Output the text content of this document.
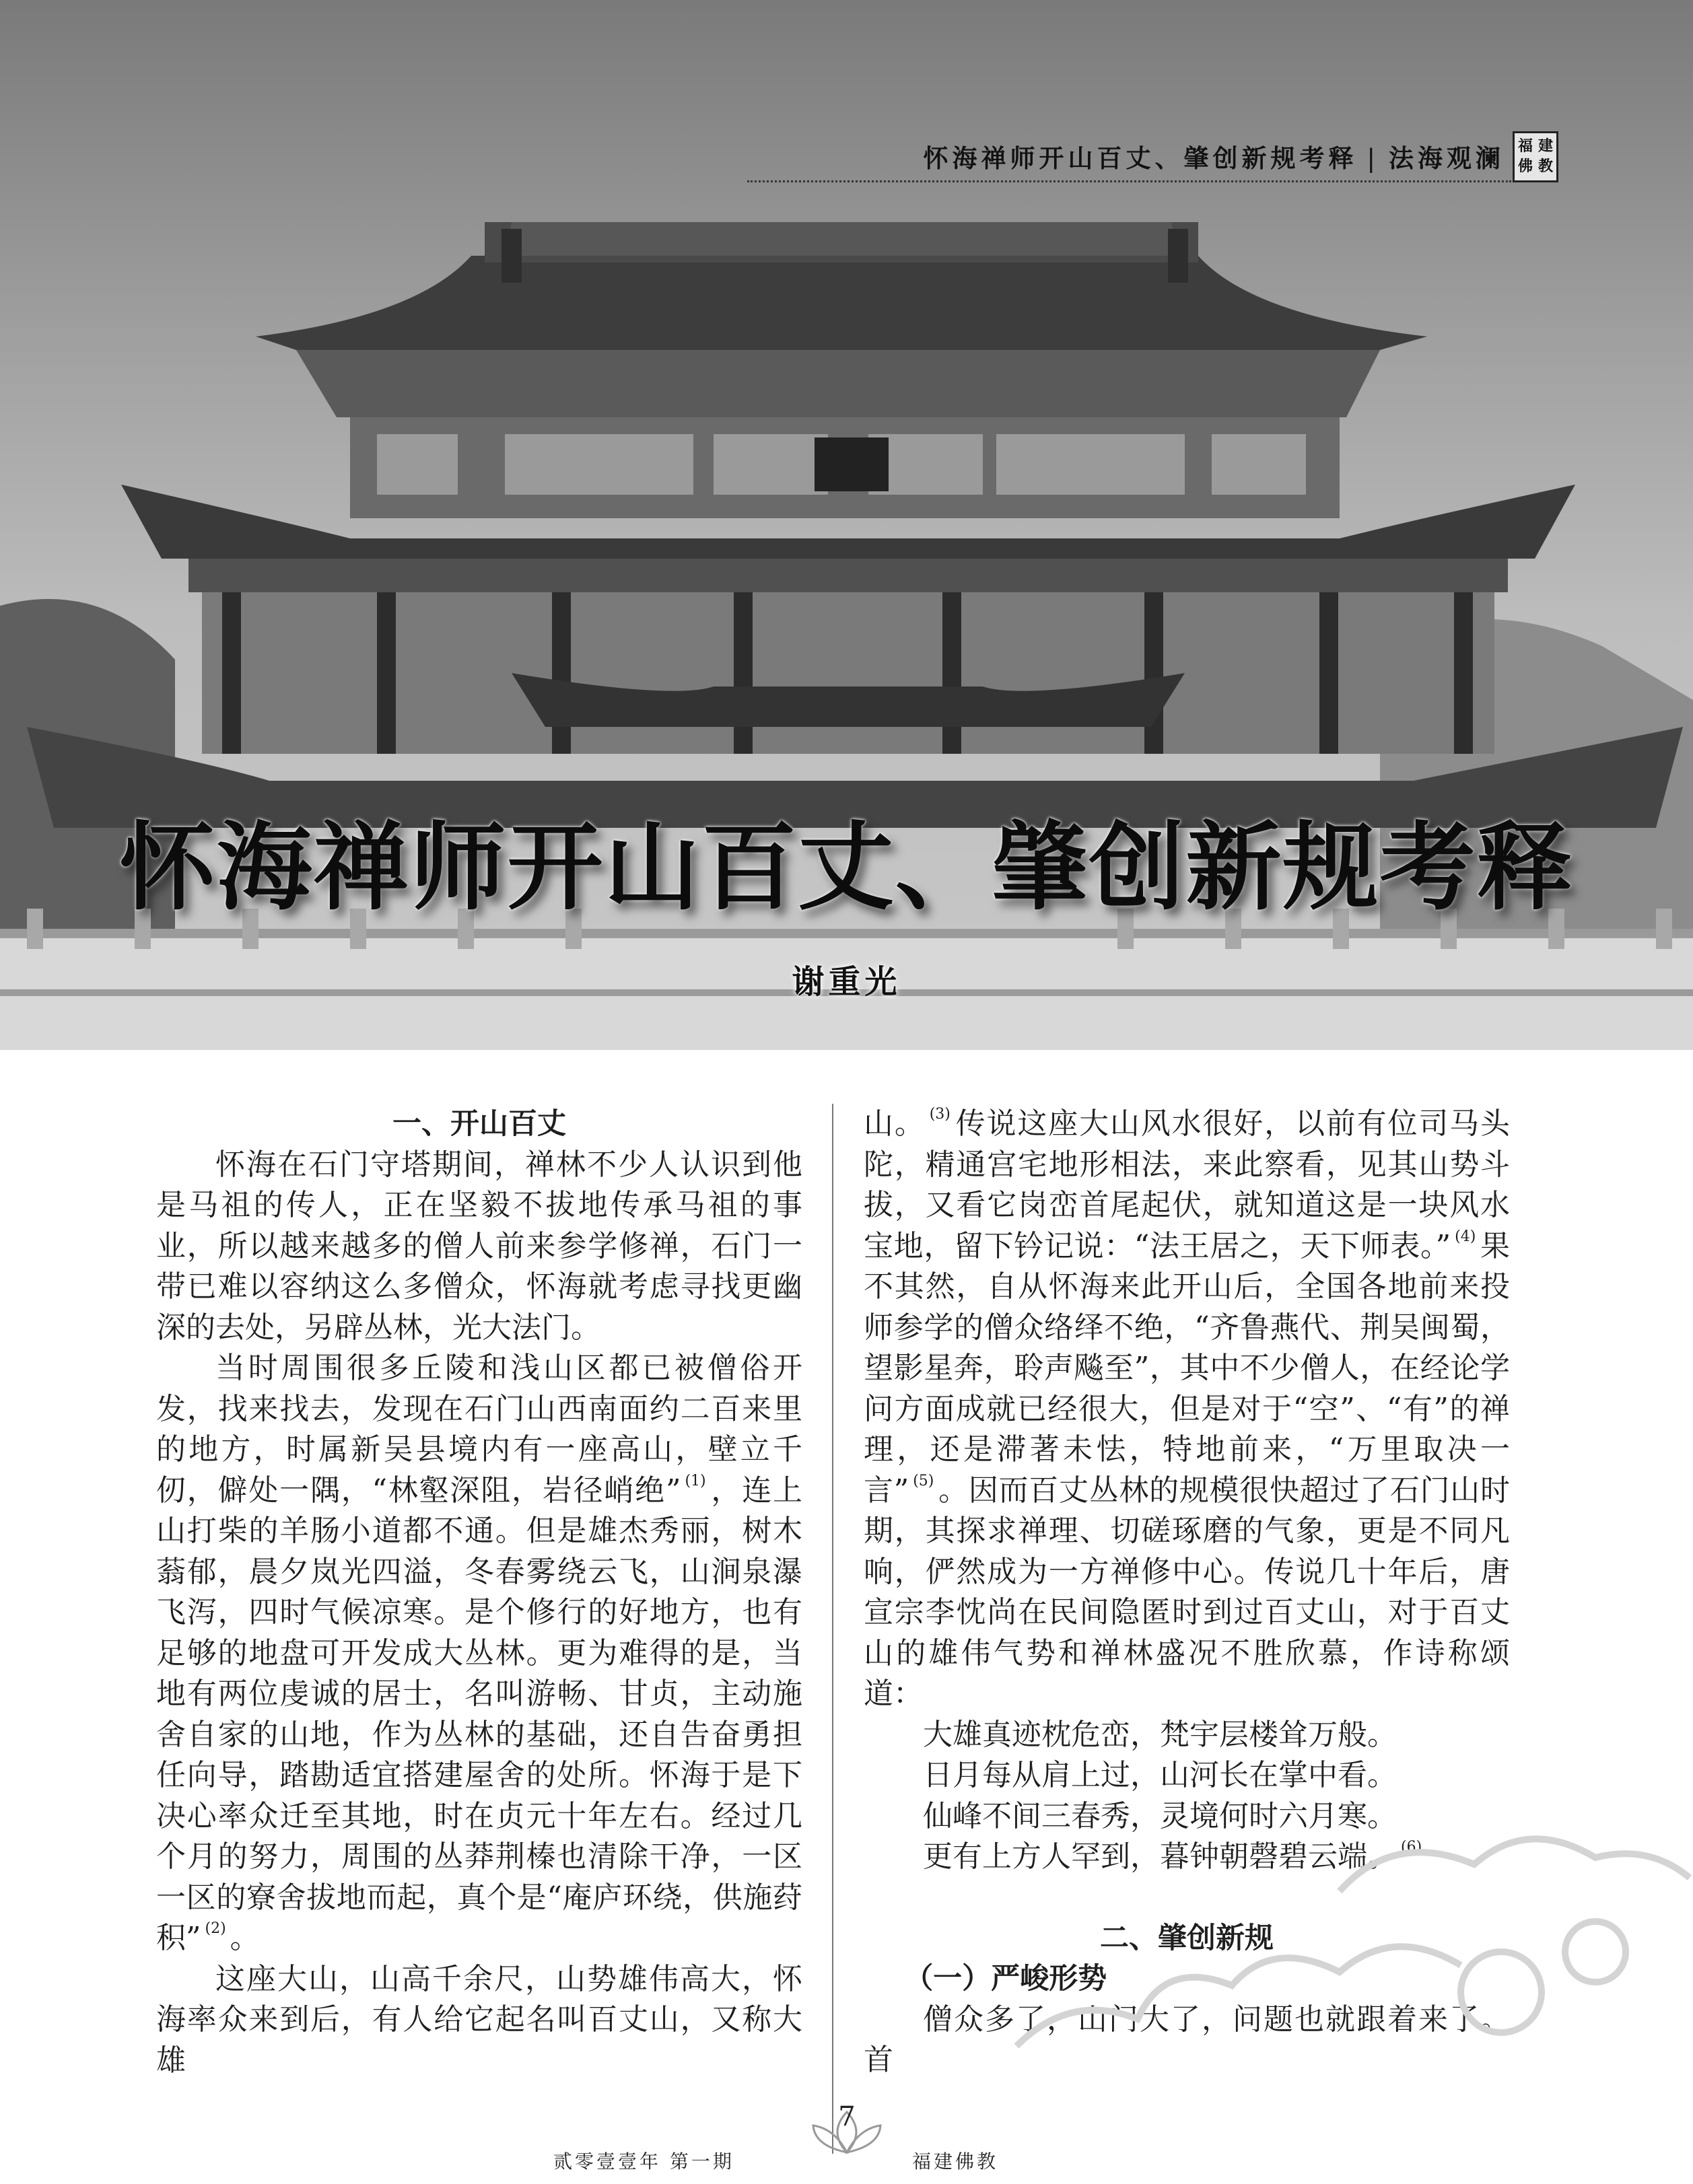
怀海禅师开山百丈、肇创新规考释 | 法海观澜 福 建
佛 教
怀海禅师开山百丈、肇创新规考释
谢重光

一、开山百丈

怀海在石门守塔期间，禅林不少人认识到他是马祖的传人，正在坚毅不拔地传承马祖的事业，所以越来越多的僧人前来参学修禅，石门一带已难以容纳这么多僧众，怀海就考虑寻找更幽深的去处，另辟丛林，光大法门。

当时周围很多丘陵和浅山区都已被僧俗开发，找来找去，发现在石门山西南面约二百来里的地方，时属新吴县境内有一座高山，壁立千仞，僻处一隅，“林壑深阻，岩径峭绝” $^{(1)}$ ，连上山打柴的羊肠小道都不通。但是雄杰秀丽，树木蓊郁，晨夕岚光四溢，冬春雾绕云飞，山涧泉瀑飞泻，四时气候凉寒。是个修行的好地方，也有足够的地盘可开发成大丛林。更为难得的是，当地有两位虔诚的居士，名叫游畅、甘贞，主动施舍自家的山地，作为丛林的基础，还自告奋勇担任向导，踏勘适宜搭建屋舍的处所。怀海于是下决心率众迁至其地，时在贞元十年左右。经过几个月的努力，周围的丛莽荆榛也清除干净，一区一区的寮舍拔地而起，真个是“庵庐环绕，供施荮积” $^{(2)}$ 。

这座大山，山高千余尺，山势雄伟高大，怀海率众来到后，有人给它起名叫百丈山，又称大雄

山。 $^{(3)}$ 传说这座大山风水很好，以前有位司马头陀，精通宫宅地形相法，来此察看，见其山势斗拔，又看它岗峦首尾起伏，就知道这是一块风水宝地，留下钤记说：“法王居之，天下师表。” $^{(4)}$ 果不其然，自从怀海来此开山后，全国各地前来投师参学的僧众络绎不绝，“齐鲁燕代、荆吴闽蜀，望影星奔，聆声飚至”，其中不少僧人，在经论学问方面成就已经很大，但是对于“空”、“有”的禅理，还是滞著未怯，特地前来，“万里取决一言” $^{(5)}$ 。因而百丈丛林的规模很快超过了石门山时期，其探求禅理、切磋琢磨的气象，更是不同凡响，俨然成为一方禅修中心。传说几十年后，唐宣宗李忱尚在民间隐匿时到过百丈山，对于百丈山的雄伟气势和禅林盛况不胜欣慕，作诗称颂道：

大雄真迹枕危峦，梵宇层楼耸万般。

日月每从肩上过，山河长在掌中看。

仙峰不间三春秀，灵境何时六月寒。

更有上方人罕到，暮钟朝磬碧云端。 $^{(6)}$

二、肇创新规

（一）严峻形势

僧众多了，山门大了，问题也就跟着来了。首

贰零壹壹年 第一期
7
福建佛教
